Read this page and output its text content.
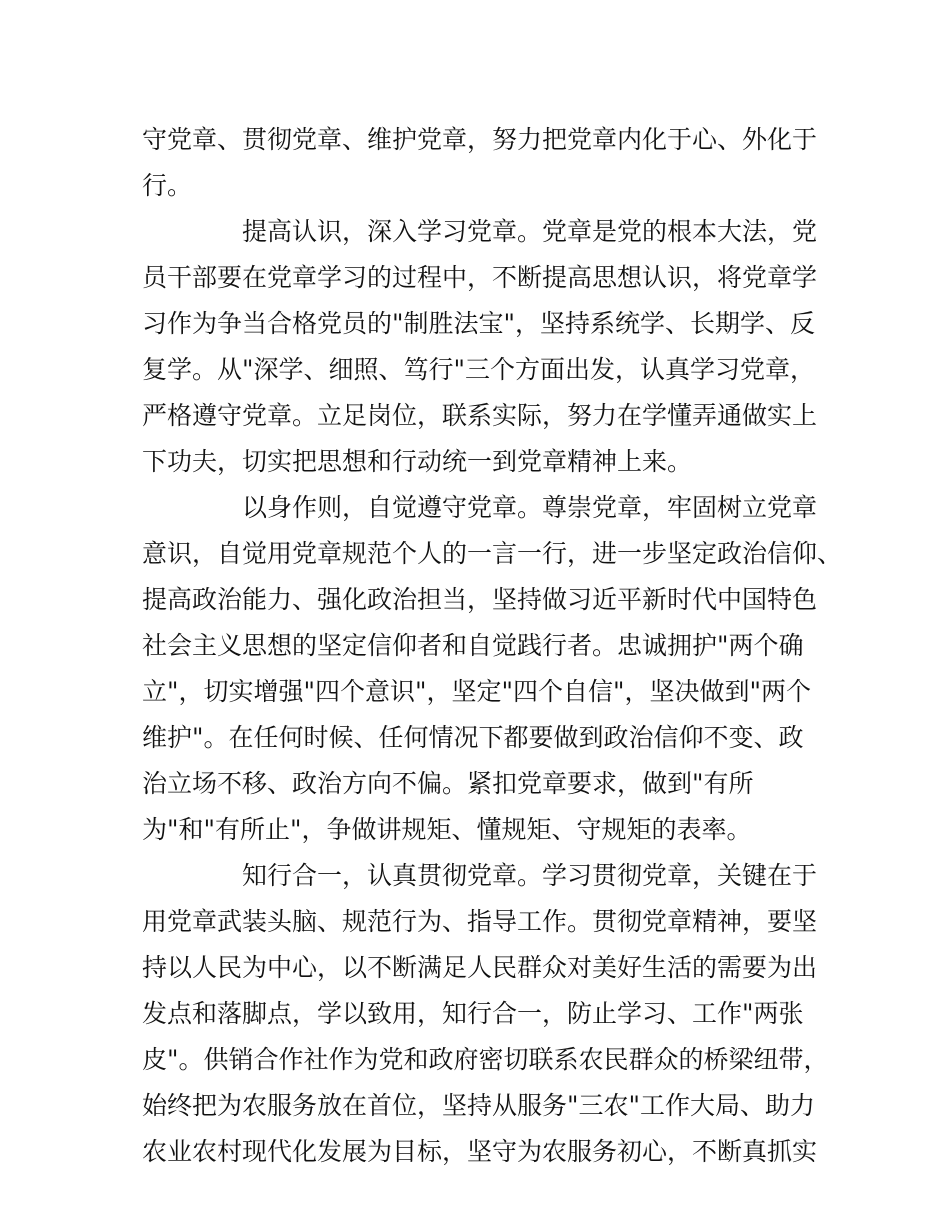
守党章、贯彻党章、维护党章，努力把党章内化于心、外化于
行。
提高认识，深入学习党章。党章是党的根本大法，党
员干部要在党章学习的过程中，不断提高思想认识，将党章学
习作为争当合格党员的"制胜法宝"，坚持系统学、长期学、反
复学。从"深学、细照、笃行"三个方面出发，认真学习党章，
严格遵守党章。立足岗位，联系实际，努力在学懂弄通做实上
下功夫，切实把思想和行动统一到党章精神上来。
以身作则，自觉遵守党章。尊崇党章，牢固树立党章
意识，自觉用党章规范个人的一言一行，进一步坚定政治信仰、
提高政治能力、强化政治担当，坚持做习近平新时代中国特色
社会主义思想的坚定信仰者和自觉践行者。忠诚拥护"两个确
立"，切实增强"四个意识"，坚定"四个自信"，坚决做到"两个
维护"。在任何时候、任何情况下都要做到政治信仰不变、政
治立场不移、政治方向不偏。紧扣党章要求，做到"有所
为"和"有所止"，争做讲规矩、懂规矩、守规矩的表率。
知行合一，认真贯彻党章。学习贯彻党章，关键在于
用党章武装头脑、规范行为、指导工作。贯彻党章精神，要坚
持以人民为中心，以不断满足人民群众对美好生活的需要为出
发点和落脚点，学以致用，知行合一，防止学习、工作"两张
皮"。供销合作社作为党和政府密切联系农民群众的桥梁纽带，
始终把为农服务放在首位，坚持从服务"三农"工作大局、助力
农业农村现代化发展为目标，坚守为农服务初心，不断真抓实
